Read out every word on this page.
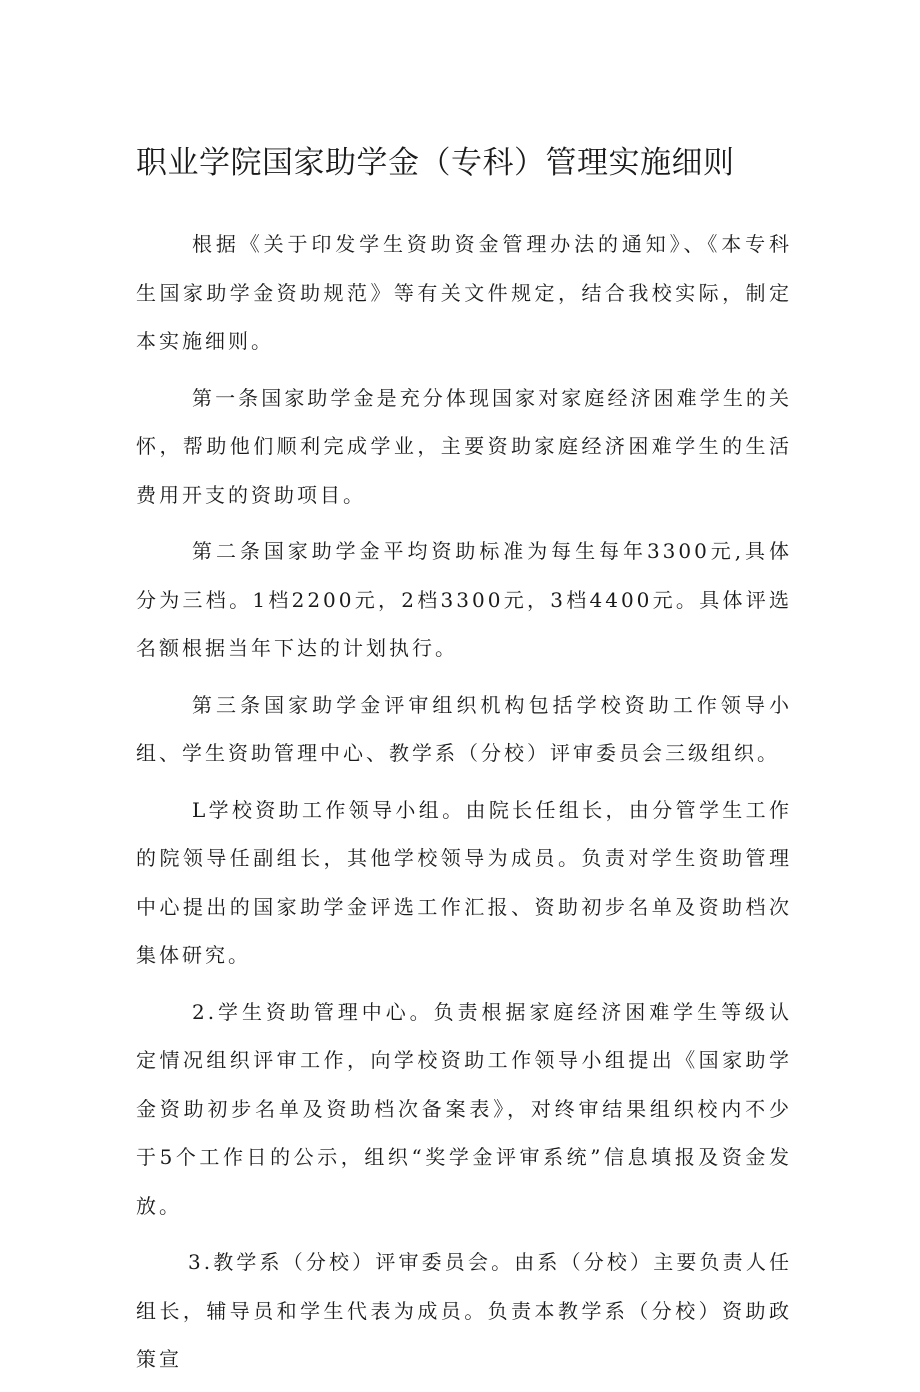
职业学院国家助学金（专科）管理实施细则

根据《关于印发学生资助资金管理办法的通知》、《本专科生国家助学金资助规范》等有关文件规定，结合我校实际，制定本实施细则。

第一条国家助学金是充分体现国家对家庭经济困难学生的关怀，帮助他们顺利完成学业，主要资助家庭经济困难学生的生活费用开支的资助项目。

第二条国家助学金平均资助标准为每生每年3300元,具体分为三档。1档2200元，2档3300元，3档4400元。具体评选名额根据当年下达的计划执行。

第三条国家助学金评审组织机构包括学校资助工作领导小组、学生资助管理中心、教学系（分校）评审委员会三级组织。

L学校资助工作领导小组。由院长任组长，由分管学生工作的院领导任副组长，其他学校领导为成员。负责对学生资助管理中心提出的国家助学金评选工作汇报、资助初步名单及资助档次集体研究。

2.学生资助管理中心。负责根据家庭经济困难学生等级认定情况组织评审工作，向学校资助工作领导小组提出《国家助学金资助初步名单及资助档次备案表》，对终审结果组织校内不少于5个工作日的公示，组织“奖学金评审系统”信息填报及资金发放。

3.教学系（分校）评审委员会。由系（分校）主要负责人任组长，辅导员和学生代表为成员。负责本教学系（分校）资助政策宣
